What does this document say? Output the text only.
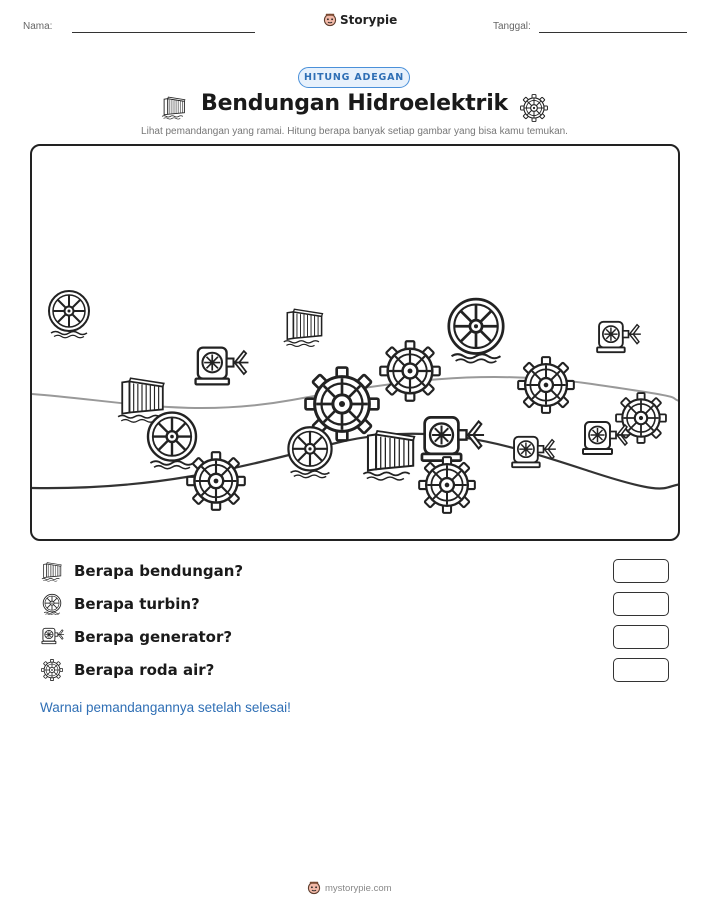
Nama:	Storypie	Tanggal:
HITUNG ADEGAN
Bendungan Hidroelektrik
Lihat pemandangan yang ramai. Hitung berapa banyak setiap gambar yang bisa kamu temukan.
Berapa bendungan?
Berapa turbin?
Berapa generator?
Berapa roda air?
Warnai pemandangannya setelah selesai!
mystorypie.com
